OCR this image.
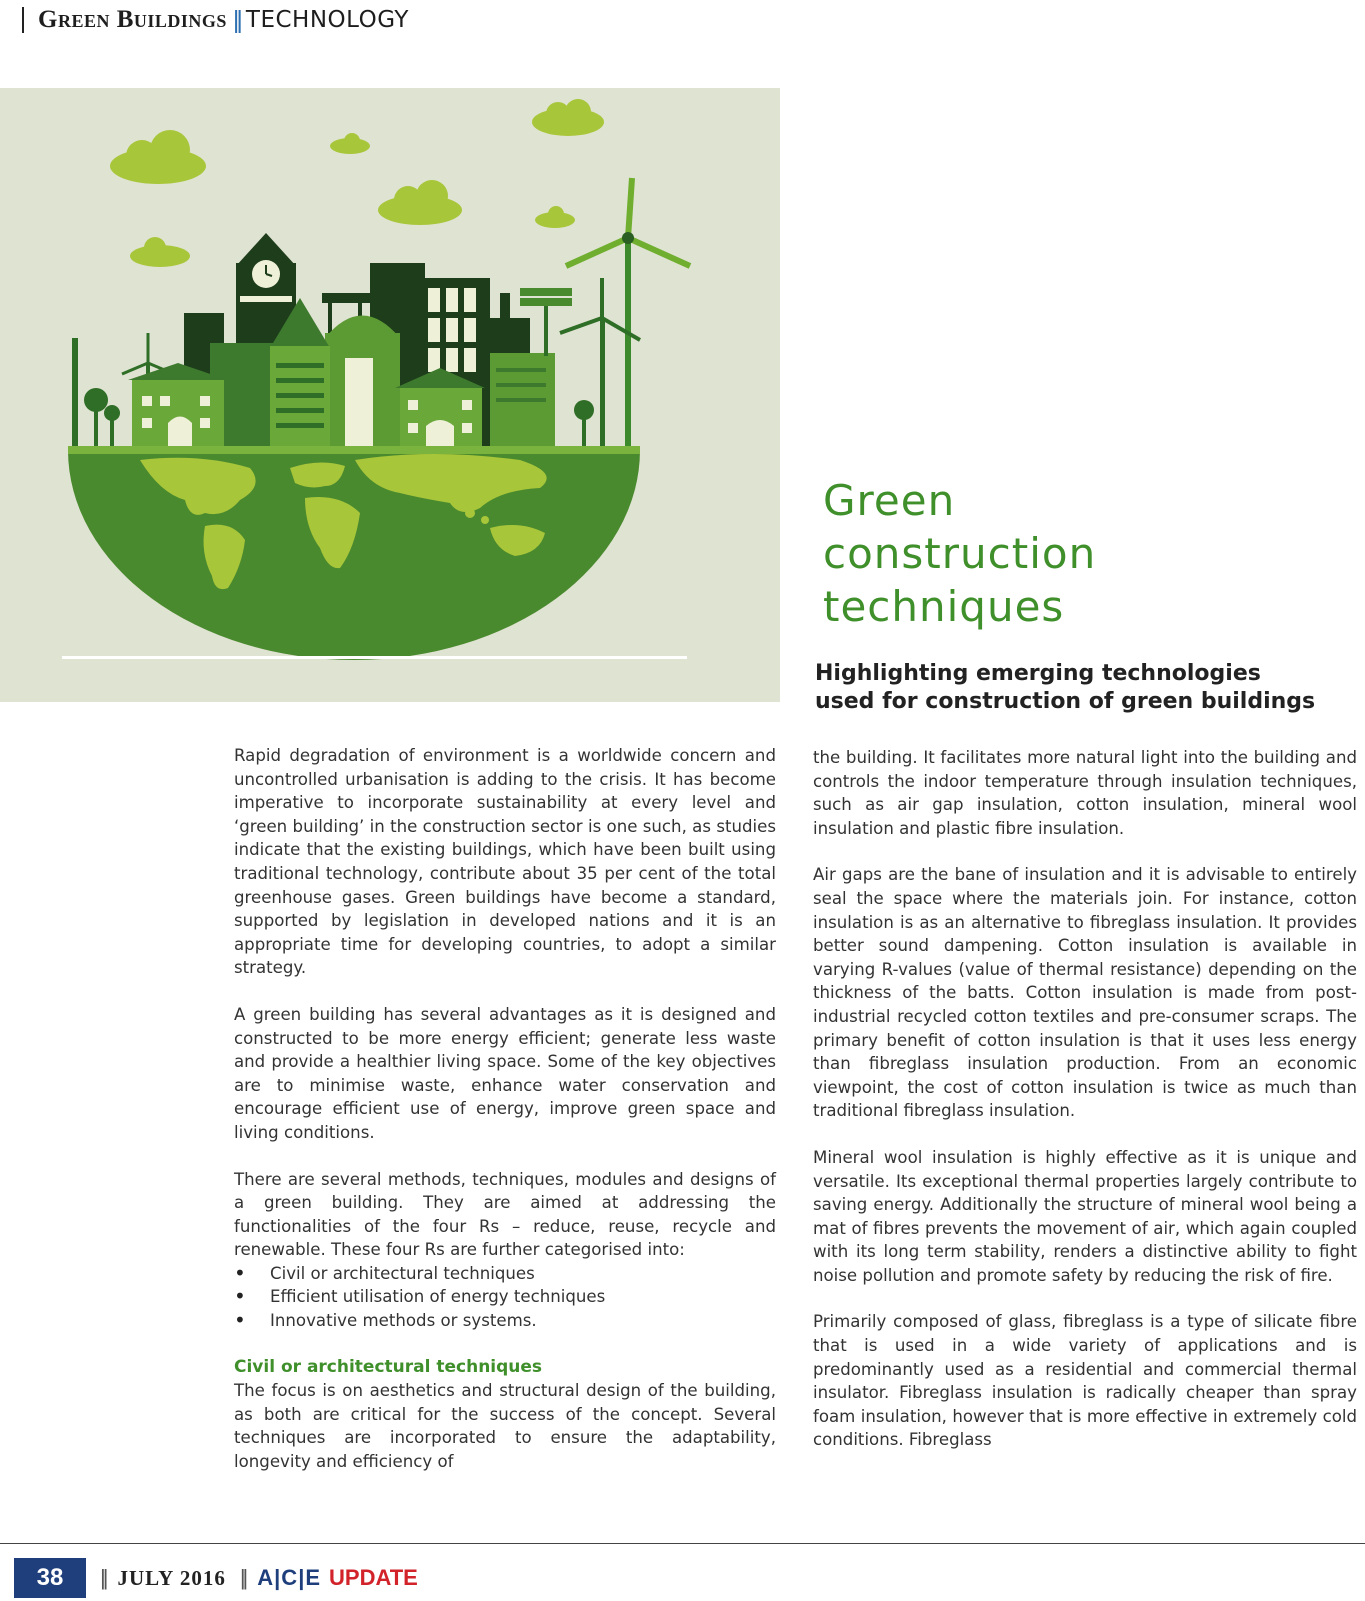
Green Buildings || TECHNOLOGY
Green
construction
techniques
Highlighting emerging technologies
used for construction of green buildings

Rapid degradation of environment is a worldwide concern and uncontrolled urbanisation is adding to the crisis. It has become imperative to incorporate sustainability at every level and ‘green building’ in the construction sector is one such, as studies indicate that the existing buildings, which have been built using traditional technology, contribute about 35 per cent of the total greenhouse gases. Green buildings have become a standard, supported by legislation in developed nations and it is an appropriate time for developing countries, to adopt a similar strategy.

A green building has several advantages as it is designed and constructed to be more energy efficient; generate less waste and provide a healthier living space. Some of the key objectives are to minimise waste, enhance water conservation and encourage efficient use of energy, improve green space and living conditions.

There are several methods, techniques, modules and designs of a green building. They are aimed at addressing the functionalities of the four Rs – reduce, reuse, recycle and renewable. These four Rs are further categorised into:

• Civil or architectural techniques
• Efficient utilisation of energy techniques
• Innovative methods or systems.
Civil or architectural techniques

The focus is on aesthetics and structural design of the building, as both are critical for the success of the concept. Several techniques are incorporated to ensure the adaptability, longevity and efficiency of

the building. It facilitates more natural light into the building and controls the indoor temperature through insulation techniques, such as air gap insulation, cotton insulation, mineral wool insulation and plastic fibre insulation.

Air gaps are the bane of insulation and it is advisable to entirely seal the space where the materials join. For instance, cotton insulation is as an alternative to fibreglass insulation. It provides better sound dampening. Cotton insulation is available in varying R-values (value of thermal resistance) depending on the thickness of the batts. Cotton insulation is made from post-industrial recycled cotton textiles and pre-consumer scraps. The primary benefit of cotton insulation is that it uses less energy than fibreglass insulation production. From an economic viewpoint, the cost of cotton insulation is twice as much than traditional fibreglass insulation.

Mineral wool insulation is highly effective as it is unique and versatile. Its exceptional thermal properties largely contribute to saving energy. Additionally the structure of mineral wool being a mat of fibres prevents the movement of air, which again coupled with its long term stability, renders a distinctive ability to fight noise pollution and promote safety by reducing the risk of fire.

Primarily composed of glass, fibreglass is a type of silicate fibre that is used in a wide variety of applications and is predominantly used as a residential and commercial thermal insulator. Fibreglass insulation is radically cheaper than spray foam insulation, however that is more effective in extremely cold conditions. Fibreglass

38	|| JULY 2016 || A|C|E UPDATE
